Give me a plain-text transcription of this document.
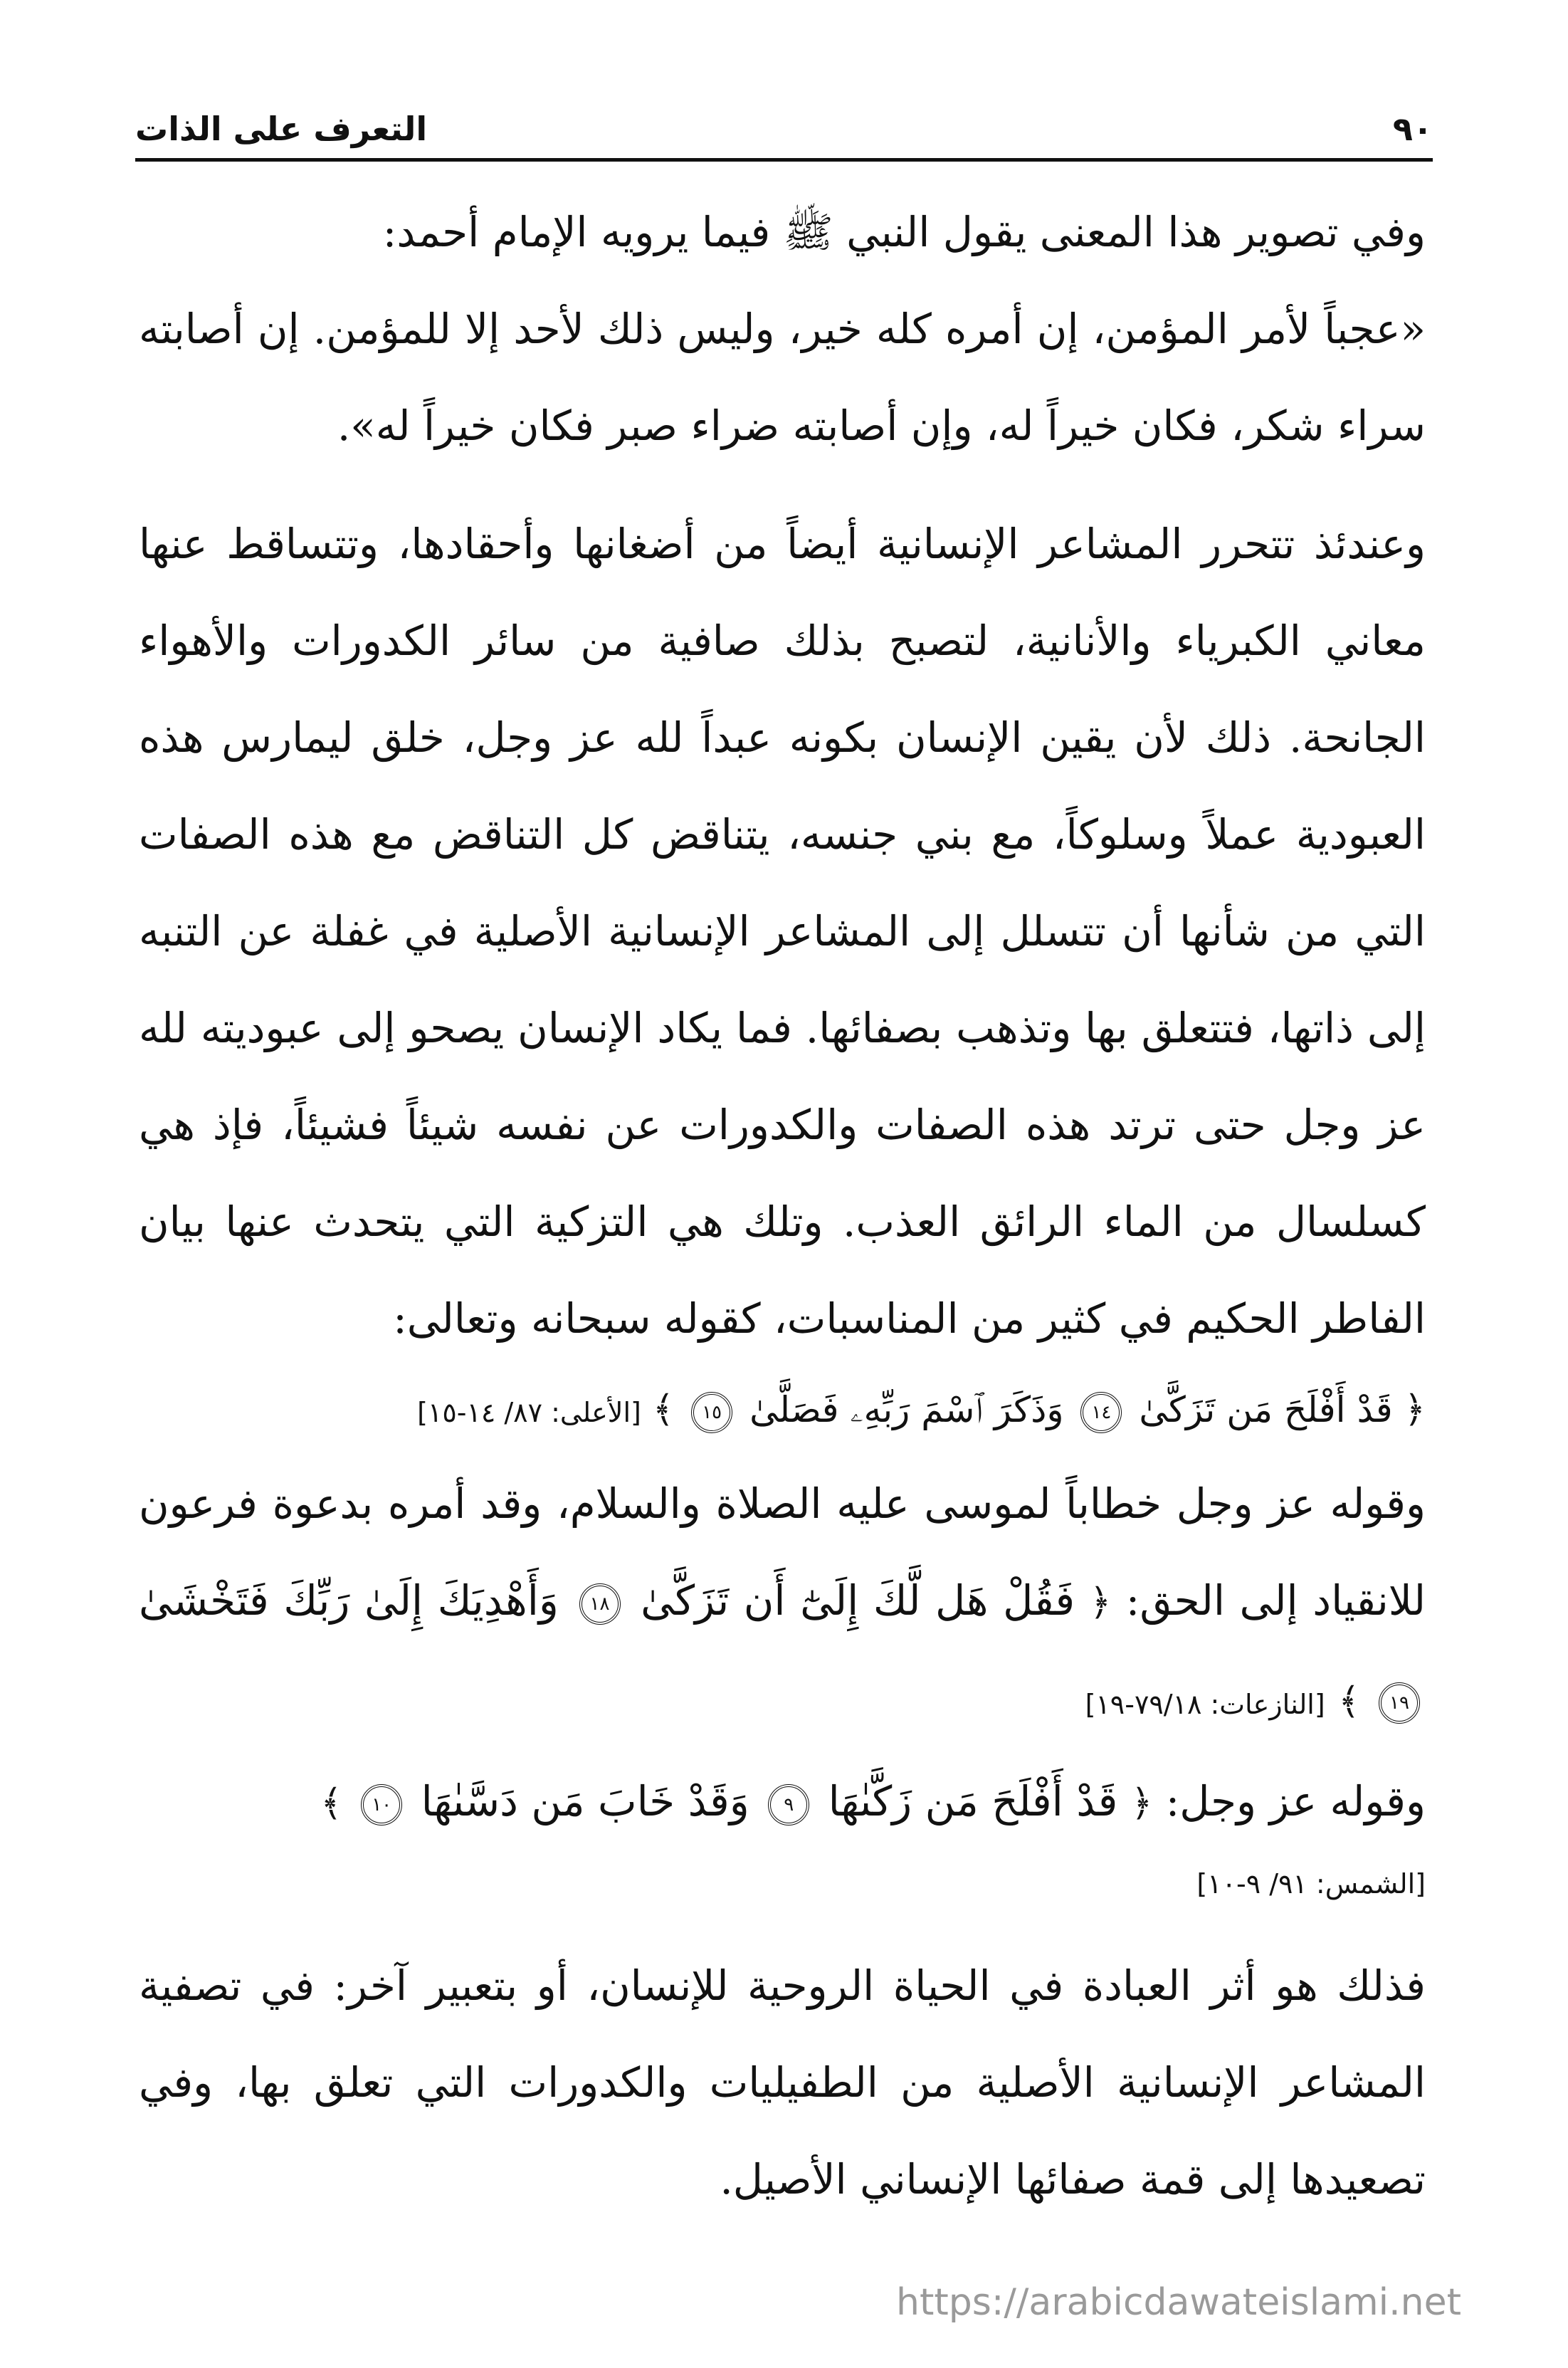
٩٠
التعرف على الذات

وفي تصوير هذا المعنى يقول النبي ﷺ فيما يرويه الإمام أحمد:

«عجباً لأمر المؤمن، إن أمره كله خير، وليس ذلك لأحد إلا للمؤمن. إن أصابته سراء شكر، فكان خيراً له، وإن أصابته ضراء صبر فكان خيراً له».

وعندئذ تتحرر المشاعر الإنسانية أيضاً من أضغانها وأحقادها، وتتساقط عنها معاني الكبرياء والأنانية، لتصبح بذلك صافية من سائر الكدورات والأهواء الجانحة. ذلك لأن يقين الإنسان بكونه عبداً لله عز وجل، خلق ليمارس هذه العبودية عملاً وسلوكاً، مع بني جنسه، يتناقض كل التناقض مع هذه الصفات التي من شأنها أن تتسلل إلى المشاعر الإنسانية الأصلية في غفلة عن التنبه إلى ذاتها، فتتعلق بها وتذهب بصفائها. فما يكاد الإنسان يصحو إلى عبوديته لله عز وجل حتى ترتد هذه الصفات والكدورات عن نفسه شيئاً فشيئاً، فإذ هي كسلسال من الماء الرائق العذب. وتلك هي التزكية التي يتحدث عنها بيان الفاطر الحكيم في كثير من المناسبات، كقوله سبحانه وتعالى:

﴿ قَدْ أَفْلَحَ مَن تَزَكَّىٰ ١٤ وَذَكَرَ ٱسْمَ رَبِّهِۦ فَصَلَّىٰ ١٥ ﴾ [الأعلى: ٨٧/ ١٤-١٥]

وقوله عز وجل خطاباً لموسى عليه الصلاة والسلام، وقد أمره بدعوة فرعون للانقياد إلى الحق: ﴿ فَقُلْ هَل لَّكَ إِلَىٰٓ أَن تَزَكَّىٰ ١٨ وَأَهْدِيَكَ إِلَىٰ رَبِّكَ فَتَخْشَىٰ ١٩ ﴾ [النازعات: ٧٩/١٨-١٩]

وقوله عز وجل: ﴿ قَدْ أَفْلَحَ مَن زَكَّىٰهَا ٩ وَقَدْ خَابَ مَن دَسَّىٰهَا ١٠ ﴾

[الشمس: ٩١/ ٩-١٠]

فذلك هو أثر العبادة في الحياة الروحية للإنسان، أو بتعبير آخر: في تصفية المشاعر الإنسانية الأصلية من الطفيليات والكدورات التي تعلق بها، وفي تصعيدها إلى قمة صفائها الإنساني الأصيل.

https://arabicdawateislami.net
